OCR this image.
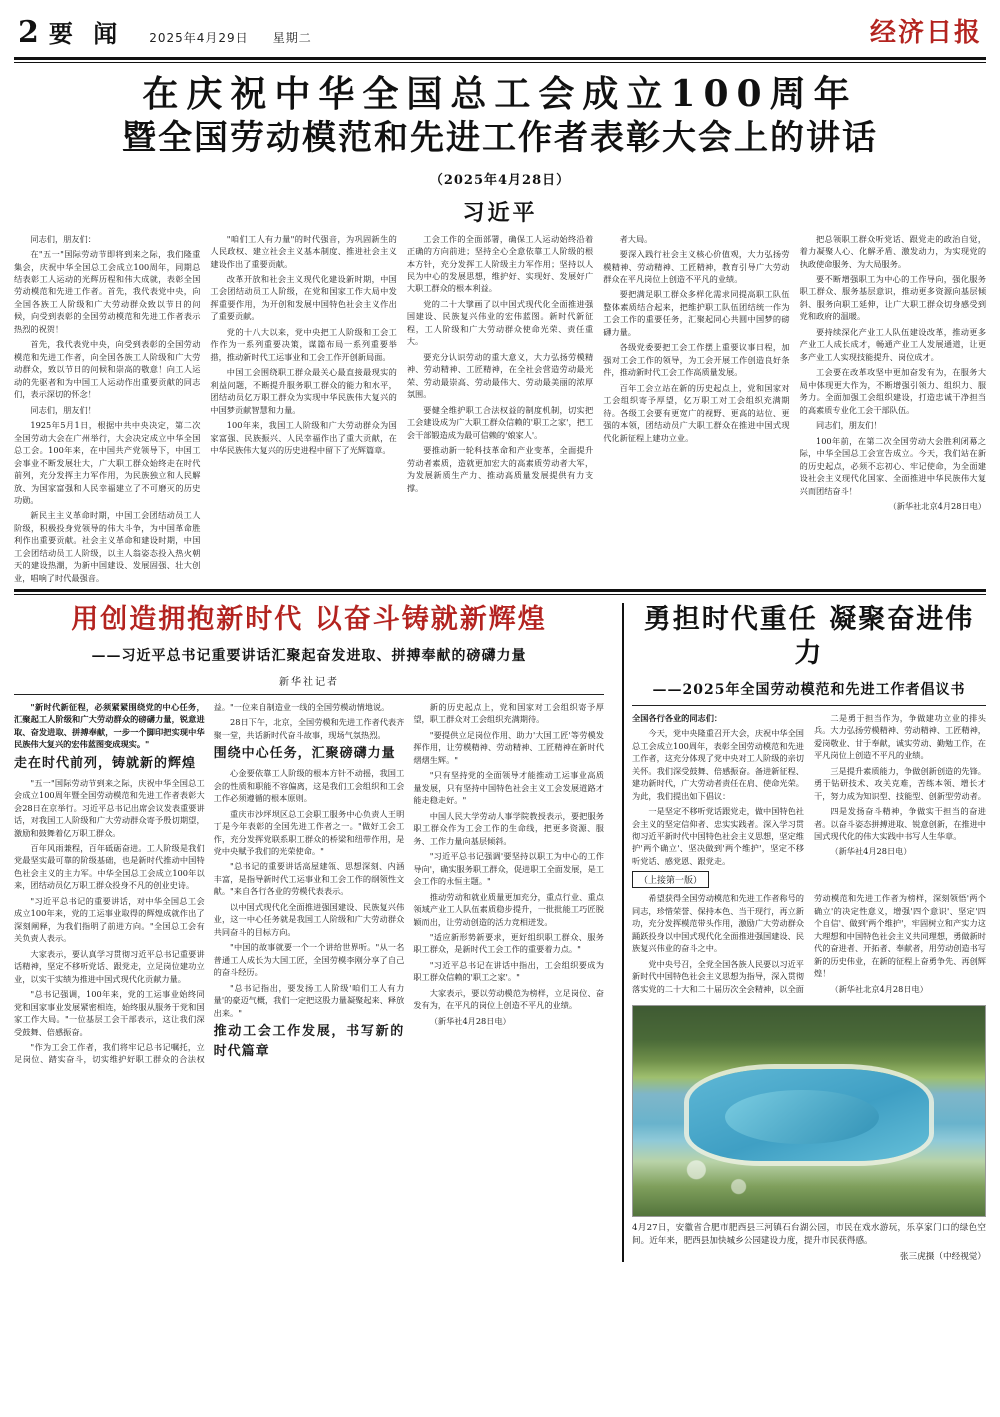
2 要 闻 2025年4月29日 星期二	经济日报
在庆祝中华全国总工会成立100周年
暨全国劳动模范和先进工作者表彰大会上的讲话
（2025年4月28日）
习近平

同志们，朋友们：

在"五一"国际劳动节即将到来之际，我们隆重集会，庆祝中华全国总工会成立100周年，同期总结表彰工人运动的光辉历程和伟大成就，表彰全国劳动模范和先进工作者。首先，我代表党中央，向全国各族工人阶级和广大劳动群众致以节日的问候，向受到表彰的全国劳动模范和先进工作者表示热烈的祝贺！

首先，我代表党中央，向受到表彰的全国劳动模范和先进工作者，向全国各族工人阶级和广大劳动群众，致以节日的问候和崇高的敬意！向工人运动的先驱者和为中国工人运动作出重要贡献的同志们，表示深切的怀念！

同志们，朋友们！

1925年5月1日，根据中共中央决定，第二次全国劳动大会在广州举行，大会决定成立中华全国总工会。100年来，在中国共产党领导下，中国工会事业不断发展壮大，广大职工群众始终走在时代前列，充分发挥主力军作用，为民族独立和人民解放、为国家富强和人民幸福建立了不可磨灭的历史功勋。

新民主主义革命时期，中国工会团结动员工人阶级，积极投身党领导的伟大斗争，为中国革命胜利作出重要贡献。社会主义革命和建设时期，中国工会团结动员工人阶级，以主人翁姿态投入热火朝天的建设热潮，为新中国建设、发展固强、壮大创业，唱响了时代最强音。

"咱们工人有力量"的时代强音，为巩固新生的人民政权、建立社会主义基本制度、推进社会主义建设作出了重要贡献。

改革开放和社会主义现代化建设新时期，中国工会团结动员工人阶级，在党和国家工作大局中发挥重要作用，为开创和发展中国特色社会主义作出了重要贡献。

党的十八大以来，党中央把工人阶级和工会工作作为一系列重要决策，谋篇布局一系列重要举措，推动新时代工运事业和工会工作开创新局面。

中国工会围绕职工群众最关心最直接最现实的利益问题，不断提升服务职工群众的能力和水平，团结动员亿万职工群众为实现中华民族伟大复兴的中国梦贡献智慧和力量。

100年来，我国工人阶级和广大劳动群众为国家富强、民族振兴、人民幸福作出了重大贡献，在中华民族伟大复兴的历史进程中留下了光辉篇章。

工会工作的全面部署，确保工人运动始终沿着正确的方向前进；坚持全心全意依靠工人阶级的根本方针，充分发挥工人阶级主力军作用；坚持以人民为中心的发展思想，维护好、实现好、发展好广大职工群众的根本利益。

党的二十大擘画了以中国式现代化全面推进强国建设、民族复兴伟业的宏伟蓝图。新时代新征程，工人阶级和广大劳动群众使命光荣、责任重大。

要充分认识劳动的重大意义，大力弘扬劳模精神、劳动精神、工匠精神，在全社会营造劳动最光荣、劳动最崇高、劳动最伟大、劳动最美丽的浓厚氛围。

要健全维护职工合法权益的制度机制，切实把工会建设成为广大职工群众信赖的'职工之家'，把工会干部锻造成为最可信赖的'娘家人'。

要推动新一轮科技革命和产业变革，全面提升劳动者素质，造就更加宏大的高素质劳动者大军，为发展新质生产力、推动高质量发展提供有力支撑。

者大局。

要深入践行社会主义核心价值观，大力弘扬劳模精神、劳动精神、工匠精神，教育引导广大劳动群众在平凡岗位上创造不平凡的业绩。

要把满足职工群众多样化需求同提高职工队伍整体素质结合起来，把维护职工队伍团结统一作为工会工作的重要任务，汇聚起同心共圆中国梦的磅礴力量。

各级党委要把工会工作摆上重要议事日程，加强对工会工作的领导，为工会开展工作创造良好条件，推动新时代工会工作高质量发展。

百年工会立站在新的历史起点上，党和国家对工会组织寄予厚望，亿万职工对工会组织充满期待。各级工会要有更宽广的视野、更高的站位、更强的本领，团结动员广大职工群众在推进中国式现代化新征程上建功立业。

把总领职工群众听党话、跟党走的政治自觉，着力凝聚人心、化解矛盾、激发动力，为实现党的执政使命服务、为大局服务。

要不断增强职工为中心的工作导向，强化服务职工群众、服务基层意识，推动更多资源向基层倾斜、服务向职工延伸，让广大职工群众切身感受到党和政府的温暖。

要持续深化产业工人队伍建设改革，推动更多产业工人成长成才，畅通产业工人发展通道，让更多产业工人实现技能提升、岗位成才。

工会要在改革攻坚中更加奋发有为，在服务大局中体现更大作为，不断增强引领力、组织力、服务力。全面加强工会组织建设，打造忠诚干净担当的高素质专业化工会干部队伍。

同志们，朋友们！

100年前，在第二次全国劳动大会胜利闭幕之际，中华全国总工会宣告成立。今天，我们站在新的历史起点，必须不忘初心、牢记使命，为全面建设社会主义现代化国家、全面推进中华民族伟大复兴而团结奋斗！

（新华社北京4月28日电）

用创造拥抱新时代 以奋斗铸就新辉煌
——习近平总书记重要讲话汇聚起奋发进取、拼搏奉献的磅礴力量
新华社记者

"新时代新征程，必须紧紧围绕党的中心任务，汇聚起工人阶级和广大劳动群众的磅礴力量，锐意进取、奋发进取、拼搏奉献，一步一个脚印把实现中华民族伟大复兴的宏伟蓝图变成现实。"

走在时代前列，铸就新的辉煌

"五一"国际劳动节到来之际，庆祝中华全国总工会成立100周年暨全国劳动模范和先进工作者表彰大会28日在京举行。习近平总书记出席会议发表重要讲话，对我国工人阶级和广大劳动群众寄予殷切期望，激励和鼓舞着亿万职工群众。

百年风雨兼程，百年砥砺奋进。工人阶级是我们党最坚实最可靠的阶级基础，也是新时代推动中国特色社会主义的主力军。中华全国总工会成立100年以来，团结动员亿万职工群众投身不凡的创业史诗。

"习近平总书记的重要讲话，对中华全国总工会成立100年来，党的工运事业取得的辉煌成就作出了深刻阐释，为我们指明了前进方向。"全国总工会有关负责人表示。

大家表示，要认真学习贯彻习近平总书记重要讲话精神，坚定不移听党话、跟党走，立足岗位建功立业，以实干实绩为推进中国式现代化贡献力量。

"总书记强调，100年来，党的工运事业始终同党和国家事业发展紧密相连，始终服从服务于党和国家工作大局。"一位基层工会干部表示，这让我们深受鼓舞、倍感振奋。

"作为工会工作者，我们将牢记总书记嘱托，立足岗位、踏实奋斗，切实维护好职工群众的合法权益。"一位来自制造业一线的全国劳模动情地说。

28日下午，北京，全国劳模和先进工作者代表齐聚一堂，共话新时代奋斗故事，现场气氛热烈。

围绕中心任务，汇聚磅礴力量

心金要依靠工人阶级的根本方针不动摇，我国工会的性质和职能不容偏离，这是我们工会组织和工会工作必须遵循的根本原则。

重庆市沙坪坝区总工会职工服务中心负责人王明丁是今年表彰的全国先进工作者之一。"做好工会工作，充分发挥党联系职工群众的桥梁和纽带作用，是党中央赋予我们的光荣使命。"

"总书记的重要讲话高屋建瓴、思想深刻、内涵丰富，是指导新时代工运事业和工会工作的纲领性文献。"来自各行各业的劳模代表表示。

以中国式现代化全面推进强国建设、民族复兴伟业，这一中心任务就是我国工人阶级和广大劳动群众共同奋斗的目标方向。

"中国的故事就要一个一个讲给世界听。"从一名普通工人成长为大国工匠，全国劳模李刚分享了自己的奋斗经历。

"总书记指出，要发扬工人阶级'咱们工人有力量'的豪迈气概，我们一定把这股力量凝聚起来、释放出来。"

推动工会工作发展，书写新的时代篇章

新的历史起点上，党和国家对工会组织寄予厚望，职工群众对工会组织充满期待。

"要提供立足岗位作用、助力'大国工匠'等劳模发挥作用，让劳模精神、劳动精神、工匠精神在新时代熠熠生辉。"

"只有坚持党的全面领导才能推动工运事业高质量发展，只有坚持中国特色社会主义工会发展道路才能走稳走好。"

中国人民大学劳动人事学院教授表示，要把服务职工群众作为工会工作的生命线，把更多资源、服务、工作力量向基层倾斜。

"习近平总书记强调'要坚持以职工为中心的工作导向'，确实服务职工群众，促进职工全面发展，是工会工作的永恒主题。"

推动劳动和就业质量更加充分，重点行业、重点领域产业工人队伍素质稳步提升，一批批能工巧匠脱颖而出，让劳动创造的活力竞相迸发。

"适应新形势新要求，更好组织职工群众、服务职工群众，是新时代工会工作的重要着力点。"

"习近平总书记在讲话中指出，工会组织要成为职工群众信赖的'职工之家'。"

大家表示，要以劳动模范为榜样，立足岗位、奋发有为，在平凡的岗位上创造不平凡的业绩。

（新华社4月28日电）

勇担时代重任 凝聚奋进伟力
——2025年全国劳动模范和先进工作者倡议书

全国各行各业的同志们：

今天，党中央隆重召开大会，庆祝中华全国总工会成立100周年，表彰全国劳动模范和先进工作者，这充分体现了党中央对工人阶级的亲切关怀。我们深受鼓舞、倍感振奋。备进新征程、建功新时代，广大劳动者责任在肩、使命光荣。为此，我们提出如下倡议：

一是坚定不移听党话跟党走，做中国特色社会主义的坚定信仰者、忠实实践者。深入学习贯彻习近平新时代中国特色社会主义思想，坚定维护'两个确立'、坚决做到'两个维护'，坚定不移听党话、感党恩、跟党走。

二是勇于担当作为，争做建功立业的排头兵。大力弘扬劳模精神、劳动精神、工匠精神，爱岗敬业、甘于奉献，诚实劳动、勤勉工作，在平凡岗位上创造不平凡的业绩。

三是提升素质能力，争做创新创造的先锋。勇于钻研技术、攻关克难，苦练本领、增长才干，努力成为知识型、技能型、创新型劳动者。

四是发扬奋斗精神，争做实干担当的奋进者。以奋斗姿态拼搏进取、锐意创新，在推进中国式现代化的伟大实践中书写人生华章。

（新华社4月28日电）

（上接第一版）

希望获得全国劳动模范和先进工作者称号的同志，珍惜荣誉、保持本色、当干现行，再立新功，充分发挥模范带头作用，激励广大劳动群众踊跃投身以中国式现代化全面推进强国建设、民族复兴伟业的奋斗之中。

党中央号召，全党全国各族人民要以习近平新时代中国特色社会主义思想为指导，深入贯彻落实党的二十大和二十届历次全会精神，以全面劳动模范和先进工作者为榜样，深刻领悟'两个确立'的决定性意义，增强'四个意识'、坚定'四个自信'、做到'两个维护'，牢固树立和产实力这大理想和中国特色社会主义共同理想，勇做新时代的奋进者、开拓者、奉献者，用劳动创造书写新的历史伟业，在新的征程上奋勇争先、再创辉煌！

（新华社北京4月28日电）

4月27日，安徽省合肥市肥西县三河镇石台湖公园，市民在戏水游玩，乐享家门口的绿色空间。近年来，肥西县加快城乡公园建设力度，提升市民获得感。
张三虎摄（中经视觉）
